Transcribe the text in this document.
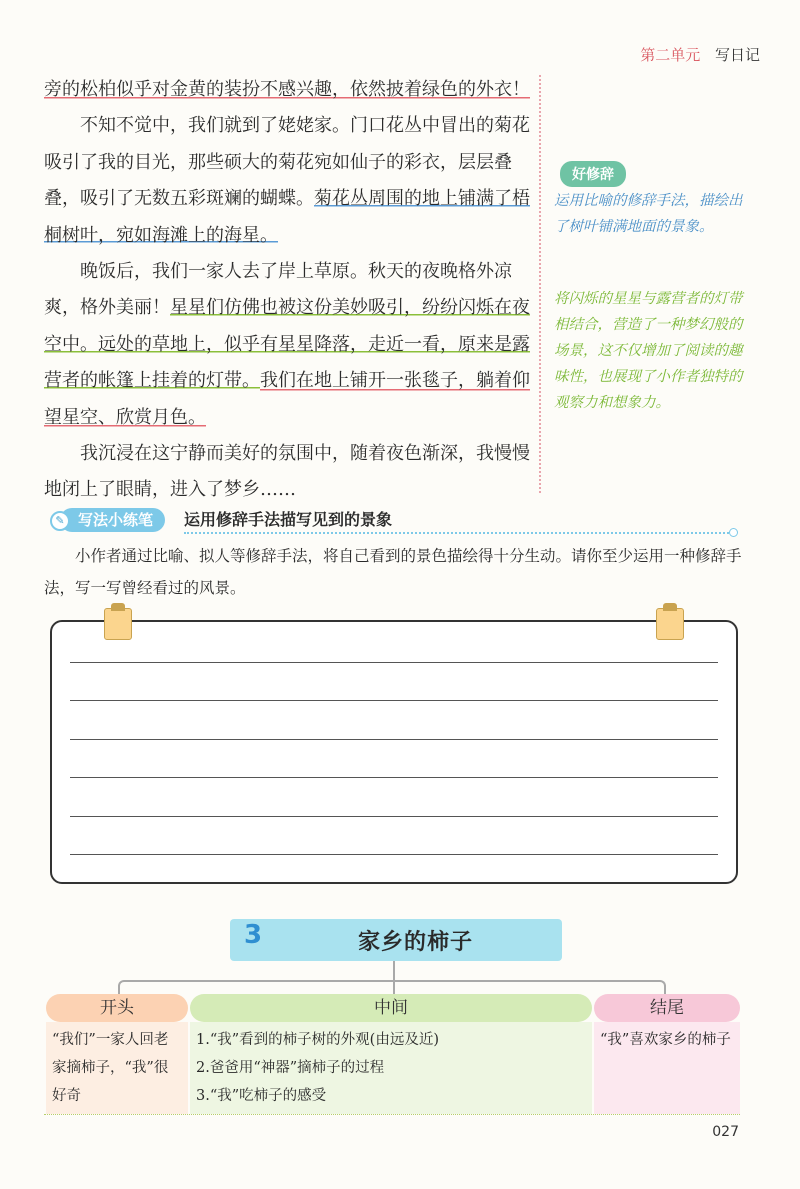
第二单元 写日记

旁的松柏似乎对金黄的装扮不感兴趣，依然披着绿色的外衣！

不知不觉中，我们就到了姥姥家。门口花丛中冒出的菊花吸引了我的目光，那些硕大的菊花宛如仙子的彩衣，层层叠叠，吸引了无数五彩斑斓的蝴蝶。菊花丛周围的地上铺满了梧桐树叶，宛如海滩上的海星。

晚饭后，我们一家人去了岸上草原。秋天的夜晚格外凉爽，格外美丽！星星们仿佛也被这份美妙吸引，纷纷闪烁在夜空中。远处的草地上，似乎有星星降落，走近一看，原来是露营者的帐篷上挂着的灯带。我们在地上铺开一张毯子，躺着仰望星空、欣赏月色。

我沉浸在这宁静而美好的氛围中，随着夜色渐深，我慢慢地闭上了眼睛，进入了梦乡……

好修辞
运用比喻的修辞手法，描绘出了树叶铺满地面的景象。
将闪烁的星星与露营者的灯带相结合，营造了一种梦幻般的场景，这不仅增加了阅读的趣味性，也展现了小作者独特的观察力和想象力。
写法小练笔
✎	运用修辞手法描写见到的景象

小作者通过比喻、拟人等修辞手法，将自己看到的景色描绘得十分生动。请你至少运用一种修辞手法，写一写曾经看过的风景。

3	家乡的柿子
开头
“我们”一家人回老家摘柿子，“我”很好奇
中间
1.“我”看到的柿子树的外观(由远及近)
2.爸爸用“神器”摘柿子的过程
3.“我”吃柿子的感受
结尾
“我”喜欢家乡的柿子
027
